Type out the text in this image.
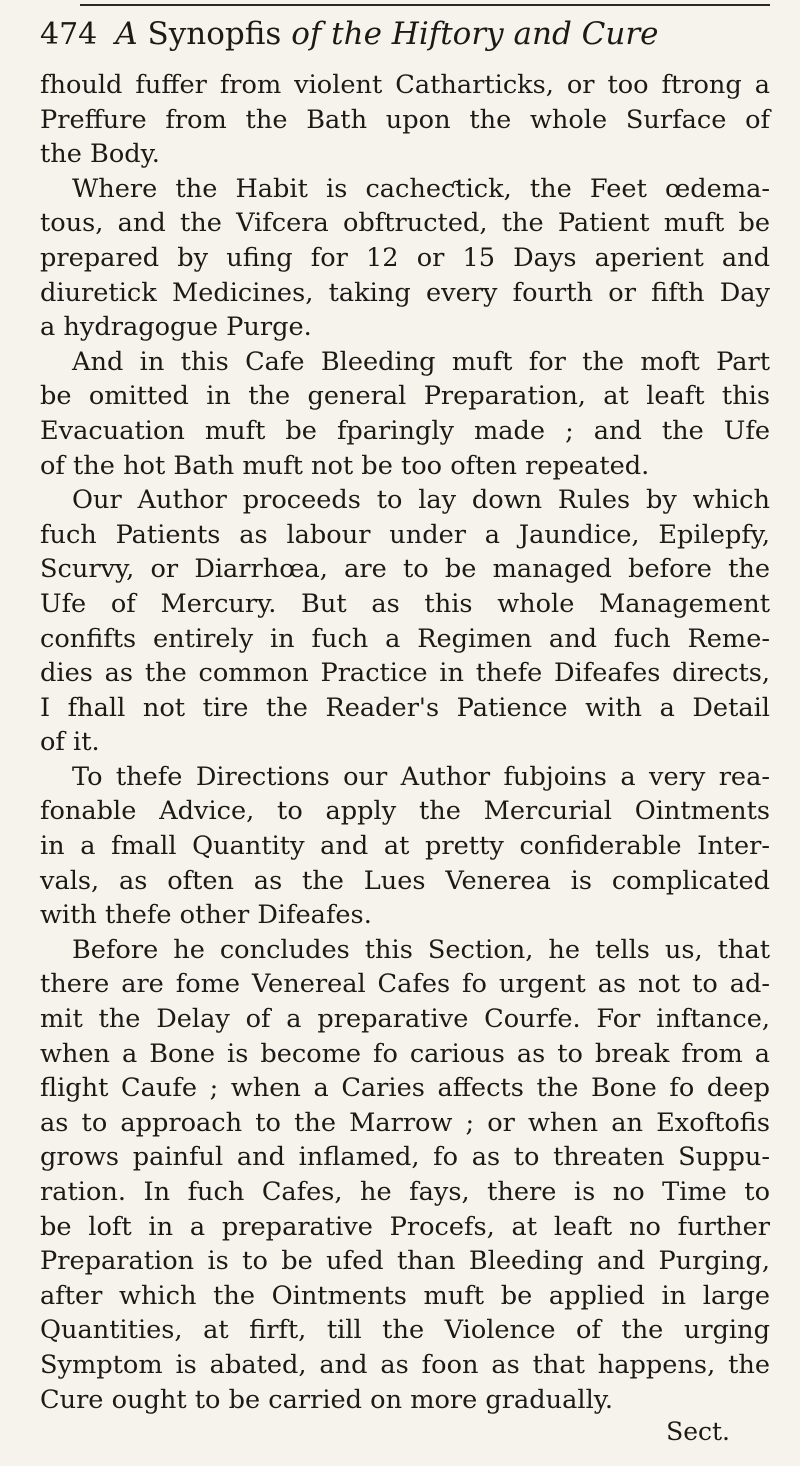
474 A Synopfis of the Hiftory and Cure
fhould fuffer from violent Catharticks, or too ftrong a
Preffure from the Bath upon the whole Surface of
the Body.
Where the Habit is cacheƈtick, the Feet œdema-
tous, and the Vifcera obftructed, the Patient muft be
prepared by ufing for 12 or 15 Days aperient and
diuretick Medicines, taking every fourth or fifth Day
a hydragogue Purge.
And in this Cafe Bleeding muft for the moft Part
be omitted in the general Preparation, at leaft this
Evacuation muft be fparingly made ; and the Ufe
of the hot Bath muft not be too often repeated.
Our Author proceeds to lay down Rules by which
fuch Patients as labour under a Jaundice, Epilepfy,
Scurvy, or Diarrhœa, are to be managed before the
Ufe of Mercury. But as this whole Management
confifts entirely in fuch a Regimen and fuch Reme-
dies as the common Practice in thefe Difeafes directs,
I fhall not tire the Reader's Patience with a Detail
of it.
To thefe Directions our Author fubjoins a very rea-
fonable Advice, to apply the Mercurial Ointments
in a fmall Quantity and at pretty confiderable Inter-
vals, as often as the Lues Venerea is complicated
with thefe other Difeafes.
Before he concludes this Section, he tells us, that
there are fome Venereal Cafes fo urgent as not to ad-
mit the Delay of a preparative Courfe. For inftance,
when a Bone is become fo carious as to break from a
flight Caufe ; when a Caries affects the Bone fo deep
as to approach to the Marrow ; or when an Exoftofis
grows painful and inflamed, fo as to threaten Suppu-
ration. In fuch Cafes, he fays, there is no Time to
be loft in a preparative Procefs, at leaft no further
Preparation is to be ufed than Bleeding and Purging,
after which the Ointments muft be applied in large
Quantities, at firft, till the Violence of the urging
Symptom is abated, and as foon as that happens, the
Cure ought to be carried on more gradually.
Sect.
